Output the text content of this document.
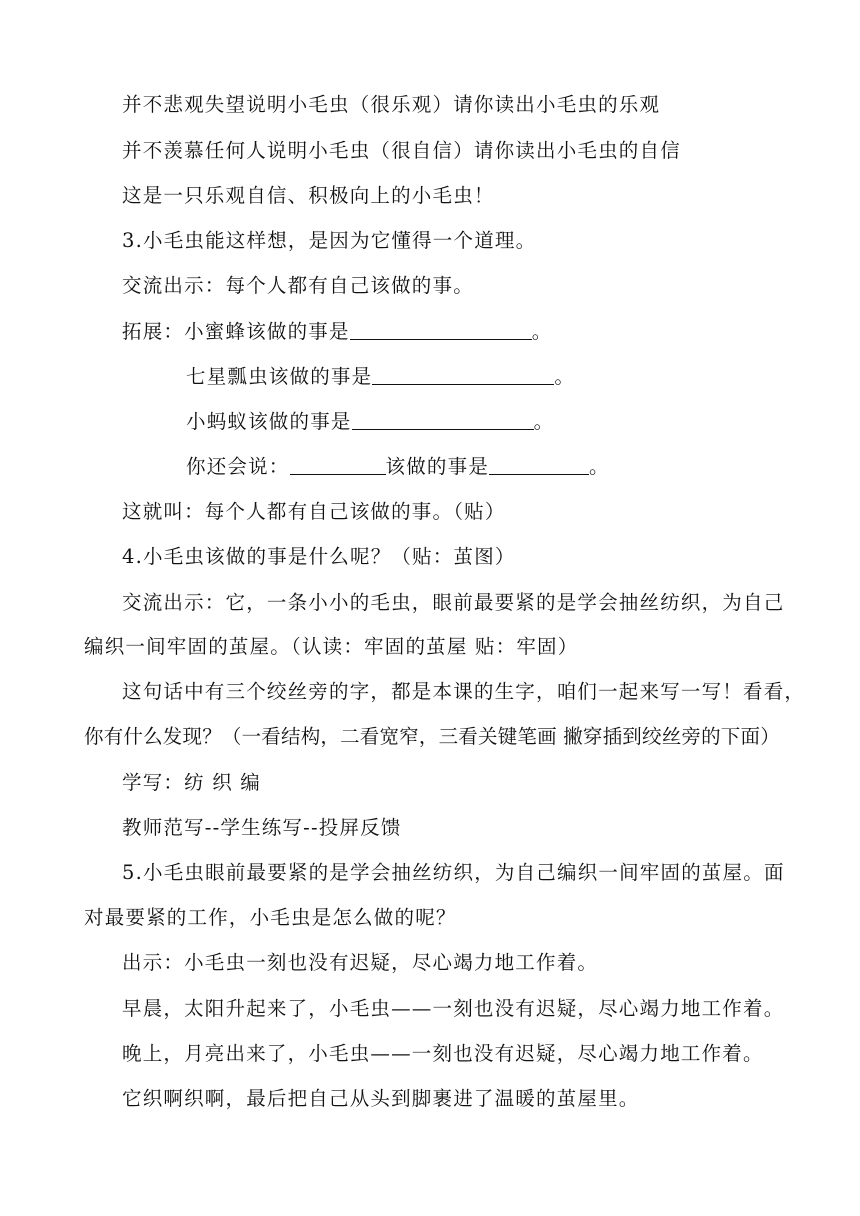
并不悲观失望说明小毛虫（很乐观）请你读出小毛虫的乐观
并不羡慕任何人说明小毛虫（很自信）请你读出小毛虫的自信
这是一只乐观自信、积极向上的小毛虫！
3.小毛虫能这样想，是因为它懂得一个道理。
交流出示：每个人都有自己该做的事。
拓展：小蜜蜂该做的事是	。
七星瓢虫该做的事是	。
小蚂蚁该做的事是	。
你还会说：	该做的事是	。
这就叫：每个人都有自己该做的事。（贴）
4.小毛虫该做的事是什么呢？（贴：茧图）
交流出示：它，一条小小的毛虫，眼前最要紧的是学会抽丝纺织，为自己
编织一间牢固的茧屋。（认读：牢固的茧屋 贴：牢固）
这句话中有三个绞丝旁的字，都是本课的生字，咱们一起来写一写！看看，
你有什么发现？（一看结构，二看宽窄，三看关键笔画 撇穿插到绞丝旁的下面）
学写：纺 织 编
教师范写--学生练写--投屏反馈
5.小毛虫眼前最要紧的是学会抽丝纺织，为自己编织一间牢固的茧屋。面
对最要紧的工作，小毛虫是怎么做的呢？
出示：小毛虫一刻也没有迟疑，尽心竭力地工作着。
早晨，太阳升起来了，小毛虫——一刻也没有迟疑，尽心竭力地工作着。
晚上，月亮出来了，小毛虫——一刻也没有迟疑，尽心竭力地工作着。
它织啊织啊，最后把自己从头到脚裹进了温暖的茧屋里。
